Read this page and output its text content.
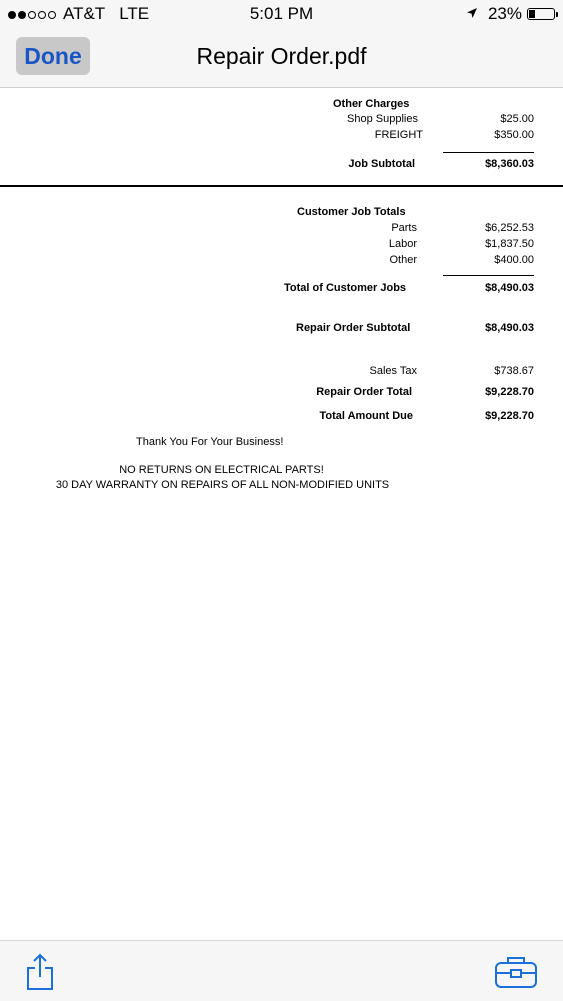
AT&T LTE	5:01 PM	23%
Done	Repair Order.pdf
Other Charges
Shop Supplies	$25.00
FREIGHT	$350.00
Job Subtotal	$8,360.03
Customer Job Totals
Parts	$6,252.53
Labor	$1,837.50
Other	$400.00
Total of Customer Jobs	$8,490.03
Repair Order Subtotal	$8,490.03
Sales Tax	$738.67
Repair Order Total	$9,228.70
Total Amount Due	$9,228.70
Thank You For Your Business!
NO RETURNS ON ELECTRICAL PARTS!
30 DAY WARRANTY ON REPAIRS OF ALL NON-MODIFIED UNITS
